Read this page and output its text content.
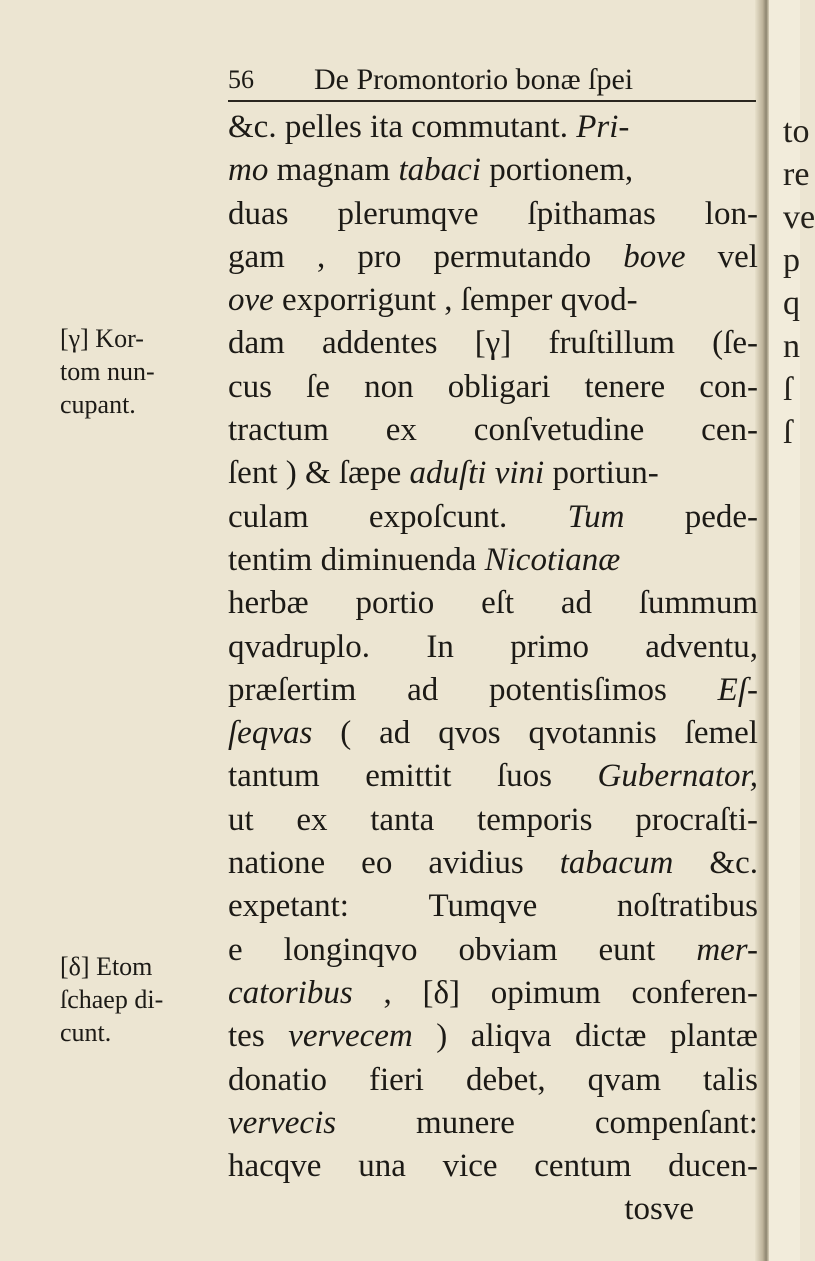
to
re
ve
p
q
n
ſ
ſ
56 De Promontorio bonæ ſpei
&c. pelles ita commutant. Pri-
mo magnam tabaci portionem,
duas plerumqve ſpithamas lon-
gam , pro permutando bove vel
ove exporrigunt , ſemper qvod-
dam addentes [γ] fruſtillum (ſe-
cus ſe non obligari tenere con-
tractum ex conſvetudine cen-
ſent ) & ſæpe aduſti vini portiun-
culam expoſcunt. Tum pede-
tentim diminuenda Nicotianæ
herbæ portio eſt ad ſummum
qvadruplo. In primo adventu,
præſertim ad potentisſimos Eſ-
ſeqvas ( ad qvos qvotannis ſemel
tantum emittit ſuos Gubernator,
ut ex tanta temporis procraſti-
natione eo avidius tabacum &c.
expetant: Tumqve noſtratibus
e longinqvo obviam eunt mer-
catoribus , [δ] opimum conferen-
tes vervecem ) aliqva dictæ plantæ
donatio fieri debet, qvam talis
vervecis munere compenſant:
hacqve una vice centum ducen-
tosve
[γ] Kor-
tom nun-
cupant.
[δ] Etom
ſchaep di-
cunt.
